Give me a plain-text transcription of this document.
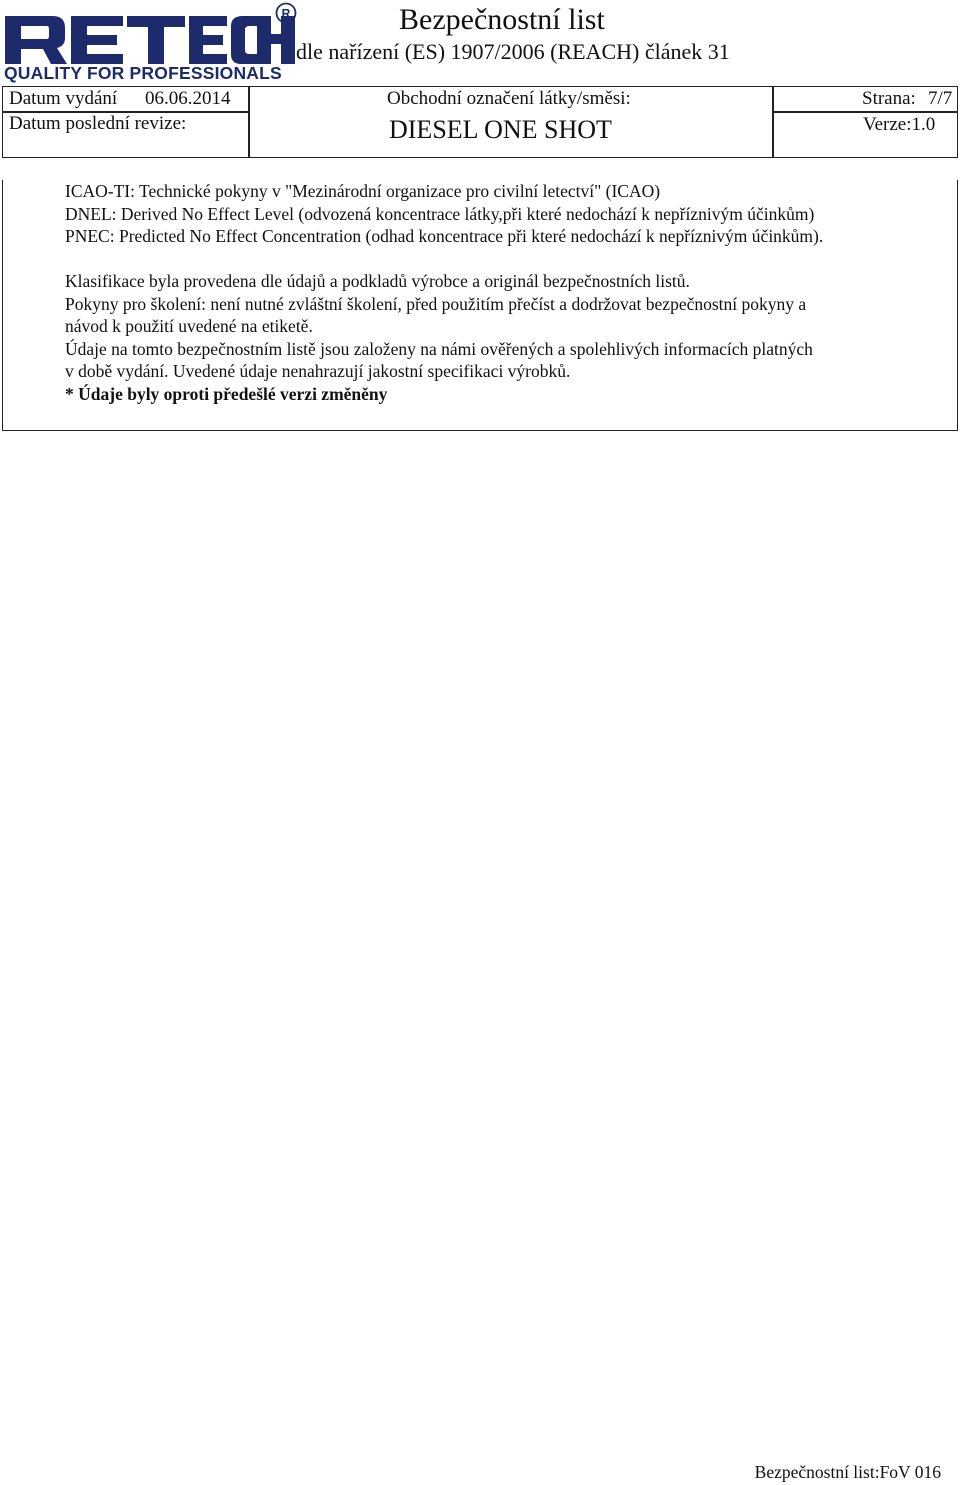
R
QUALITY FOR PROFESSIONALS
Bezpečnostní list
dle nařízení (ES) 1907/2006 (REACH) článek 31
Datum vydání 06.06.2014
Datum poslední revize:
Obchodní označení látky/směsi:
DIESEL ONE SHOT
Strana: 7/7
Verze:1.0
ICAO-TI: Technické pokyny v "Mezinárodní organizace pro civilní letectví" (ICAO)
DNEL: Derived No Effect Level (odvozená koncentrace látky,při které nedochází k nepříznivým účinkům)
PNEC: Predicted No Effect Concentration (odhad koncentrace při které nedochází k nepříznivým účinkům).
Klasifikace byla provedena dle údajů a podkladů výrobce a originál bezpečnostních listů.
Pokyny pro školení: není nutné zvláštní školení, před použitím přečíst a dodržovat bezpečnostní pokyny a
návod k použití uvedené na etiketě.
Údaje na tomto bezpečnostním listě jsou založeny na námi ověřených a spolehlivých informacích platných
v době vydání. Uvedené údaje nenahrazují jakostní specifikaci výrobků.
* Údaje byly oproti předešlé verzi změněny
Bezpečnostní list:FoV 016
